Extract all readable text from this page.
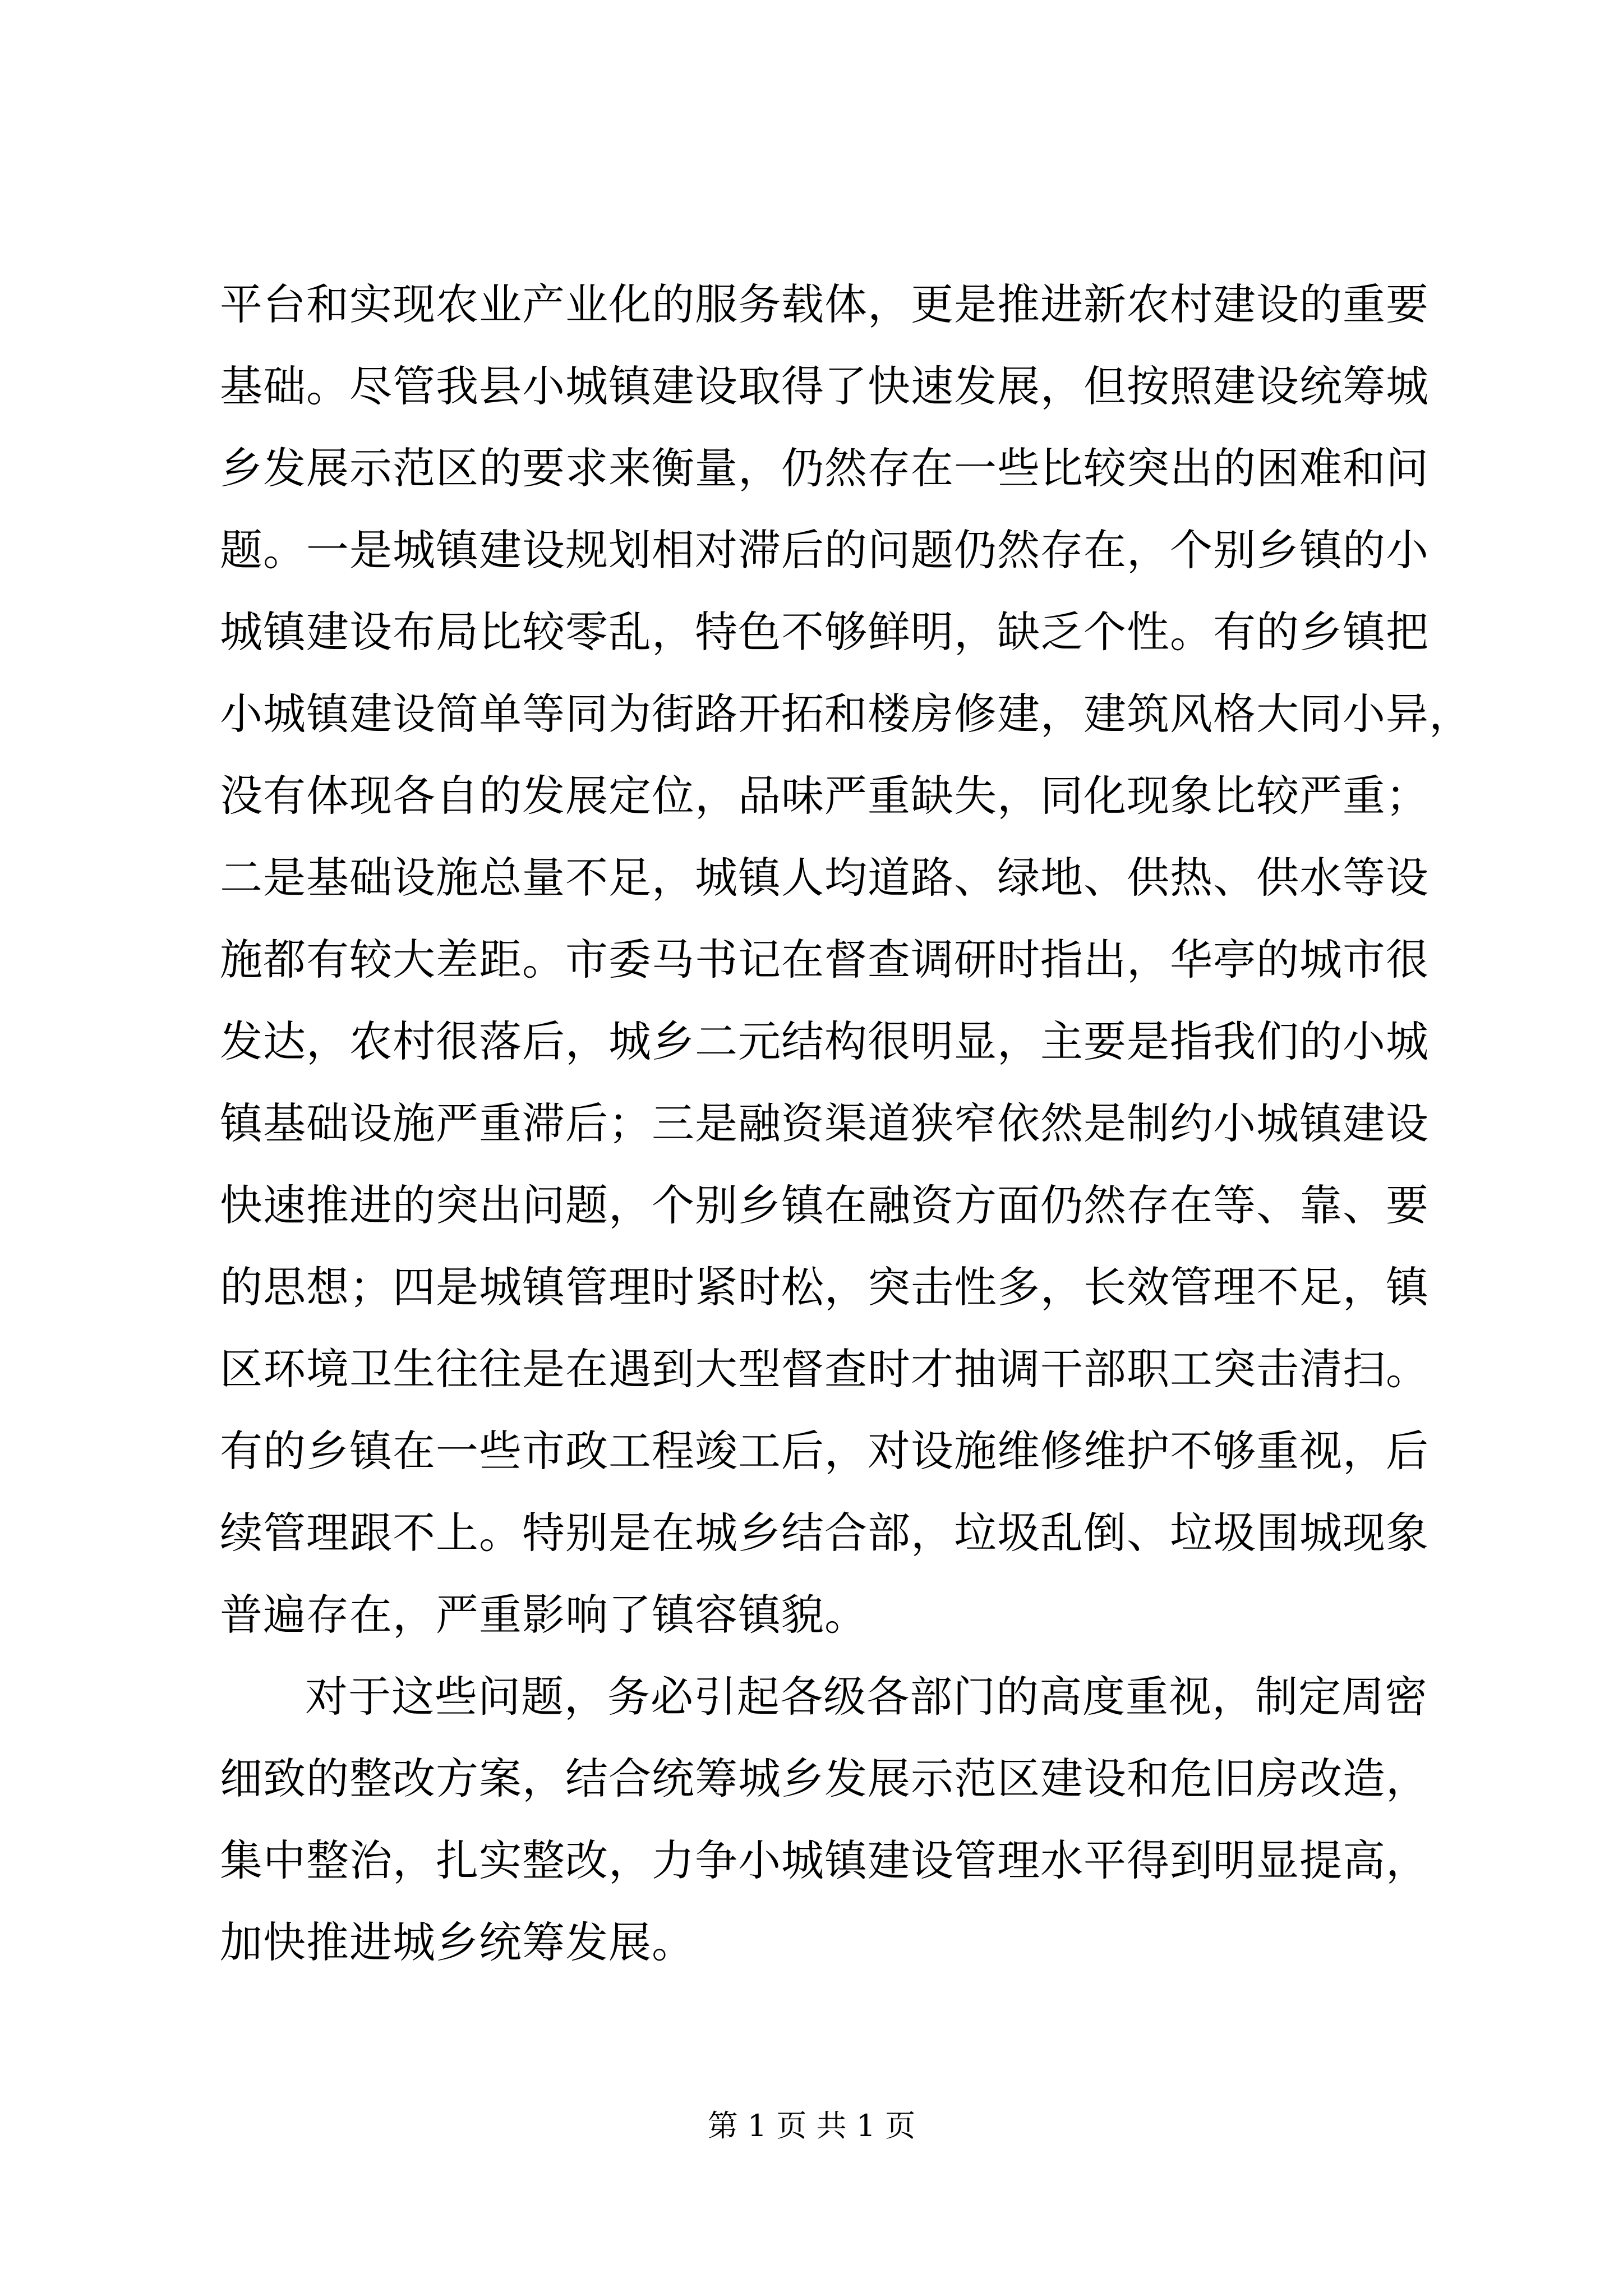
平台和实现农业产业化的服务载体，更是推进新农村建设的重要
基础。尽管我县小城镇建设取得了快速发展，但按照建设统筹城
乡发展示范区的要求来衡量，仍然存在一些比较突出的困难和问
题。一是城镇建设规划相对滞后的问题仍然存在，个别乡镇的小
城镇建设布局比较零乱，特色不够鲜明，缺乏个性。有的乡镇把
小城镇建设简单等同为街路开拓和楼房修建，建筑风格大同小异，
没有体现各自的发展定位，品味严重缺失，同化现象比较严重；
二是基础设施总量不足，城镇人均道路、绿地、供热、供水等设
施都有较大差距。市委马书记在督查调研时指出，华亭的城市很
发达，农村很落后，城乡二元结构很明显，主要是指我们的小城
镇基础设施严重滞后；三是融资渠道狭窄依然是制约小城镇建设
快速推进的突出问题，个别乡镇在融资方面仍然存在等、靠、要
的思想；四是城镇管理时紧时松，突击性多，长效管理不足，镇
区环境卫生往往是在遇到大型督查时才抽调干部职工突击清扫。
有的乡镇在一些市政工程竣工后，对设施维修维护不够重视，后
续管理跟不上。特别是在城乡结合部，垃圾乱倒、垃圾围城现象
普遍存在，严重影响了镇容镇貌。
对于这些问题，务必引起各级各部门的高度重视，制定周密
细致的整改方案，结合统筹城乡发展示范区建设和危旧房改造，
集中整治，扎实整改，力争小城镇建设管理水平得到明显提高，
加快推进城乡统筹发展。
第 1 页 共 1 页
